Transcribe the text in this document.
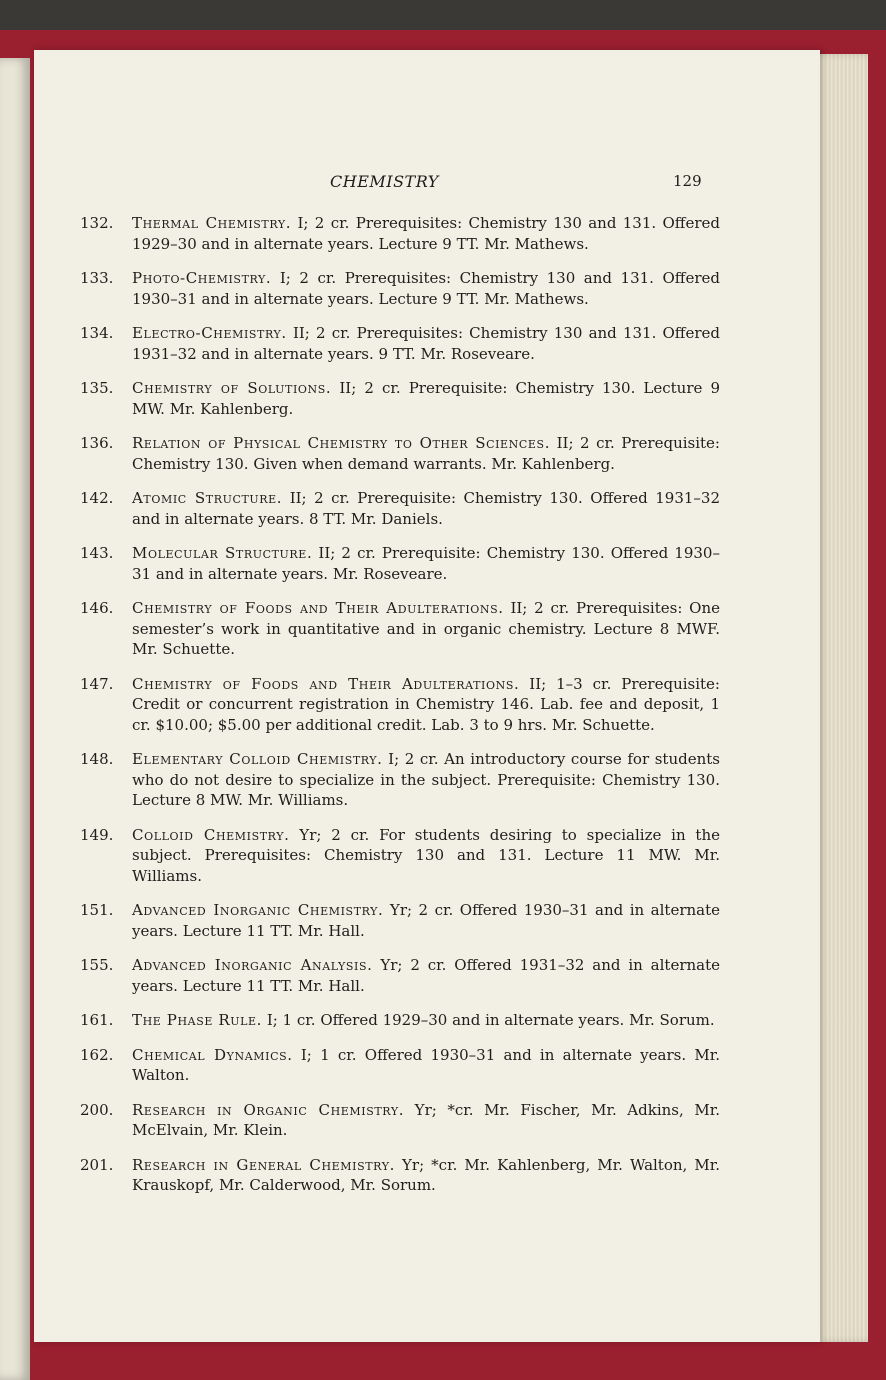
CHEMISTRY	129
132.	Thermal Chemistry. I; 2 cr. Prerequisites: Chemistry 130 and 131. Offered 1929–30 and in alternate years. Lecture 9 TT. Mr. Mathews.
133.	Photo-Chemistry. I; 2 cr. Prerequisites: Chemistry 130 and 131. Offered 1930–31 and in alternate years. Lecture 9 TT. Mr. Mathews.
134.	Electro-Chemistry. II; 2 cr. Prerequisites: Chemistry 130 and 131. Offered 1931–32 and in alternate years. 9 TT. Mr. Roseveare.
135.	Chemistry of Solutions. II; 2 cr. Prerequisite: Chemistry 130. Lecture 9 MW. Mr. Kahlenberg.
136.	Relation of Physical Chemistry to Other Sciences. II; 2 cr. Prerequisite: Chemistry 130. Given when demand warrants. Mr. Kahlenberg.
142.	Atomic Structure. II; 2 cr. Prerequisite: Chemistry 130. Offered 1931–32 and in alternate years. 8 TT. Mr. Daniels.
143.	Molecular Structure. II; 2 cr. Prerequisite: Chemistry 130. Offered 1930–31 and in alternate years. Mr. Roseveare.
146.	Chemistry of Foods and Their Adulterations. II; 2 cr. Prerequisites: One semester’s work in quantitative and in organic chemistry. Lecture 8 MWF. Mr. Schuette.
147.	Chemistry of Foods and Their Adulterations. II; 1–3 cr. Prerequisite: Credit or concurrent registration in Chemistry 146. Lab. fee and deposit, 1 cr. $10.00; $5.00 per additional credit. Lab. 3 to 9 hrs. Mr. Schuette.
148.	Elementary Colloid Chemistry. I; 2 cr. An introductory course for students who do not desire to specialize in the subject. Prerequisite: Chemistry 130. Lecture 8 MW. Mr. Williams.
149.	Colloid Chemistry. Yr; 2 cr. For students desiring to specialize in the subject. Prerequisites: Chemistry 130 and 131. Lecture 11 MW. Mr. Williams.
151.	Advanced Inorganic Chemistry. Yr; 2 cr. Offered 1930–31 and in alternate years. Lecture 11 TT. Mr. Hall.
155.	Advanced Inorganic Analysis. Yr; 2 cr. Offered 1931–32 and in alternate years. Lecture 11 TT. Mr. Hall.
161.	The Phase Rule. I; 1 cr. Offered 1929–30 and in alternate years. Mr. Sorum.
162.	Chemical Dynamics. I; 1 cr. Offered 1930–31 and in alternate years. Mr. Walton.
200.	Research in Organic Chemistry. Yr; *cr. Mr. Fischer, Mr. Adkins, Mr. McElvain, Mr. Klein.
201.	Research in General Chemistry. Yr; *cr. Mr. Kahlenberg, Mr. Walton, Mr. Krauskopf, Mr. Calderwood, Mr. Sorum.
